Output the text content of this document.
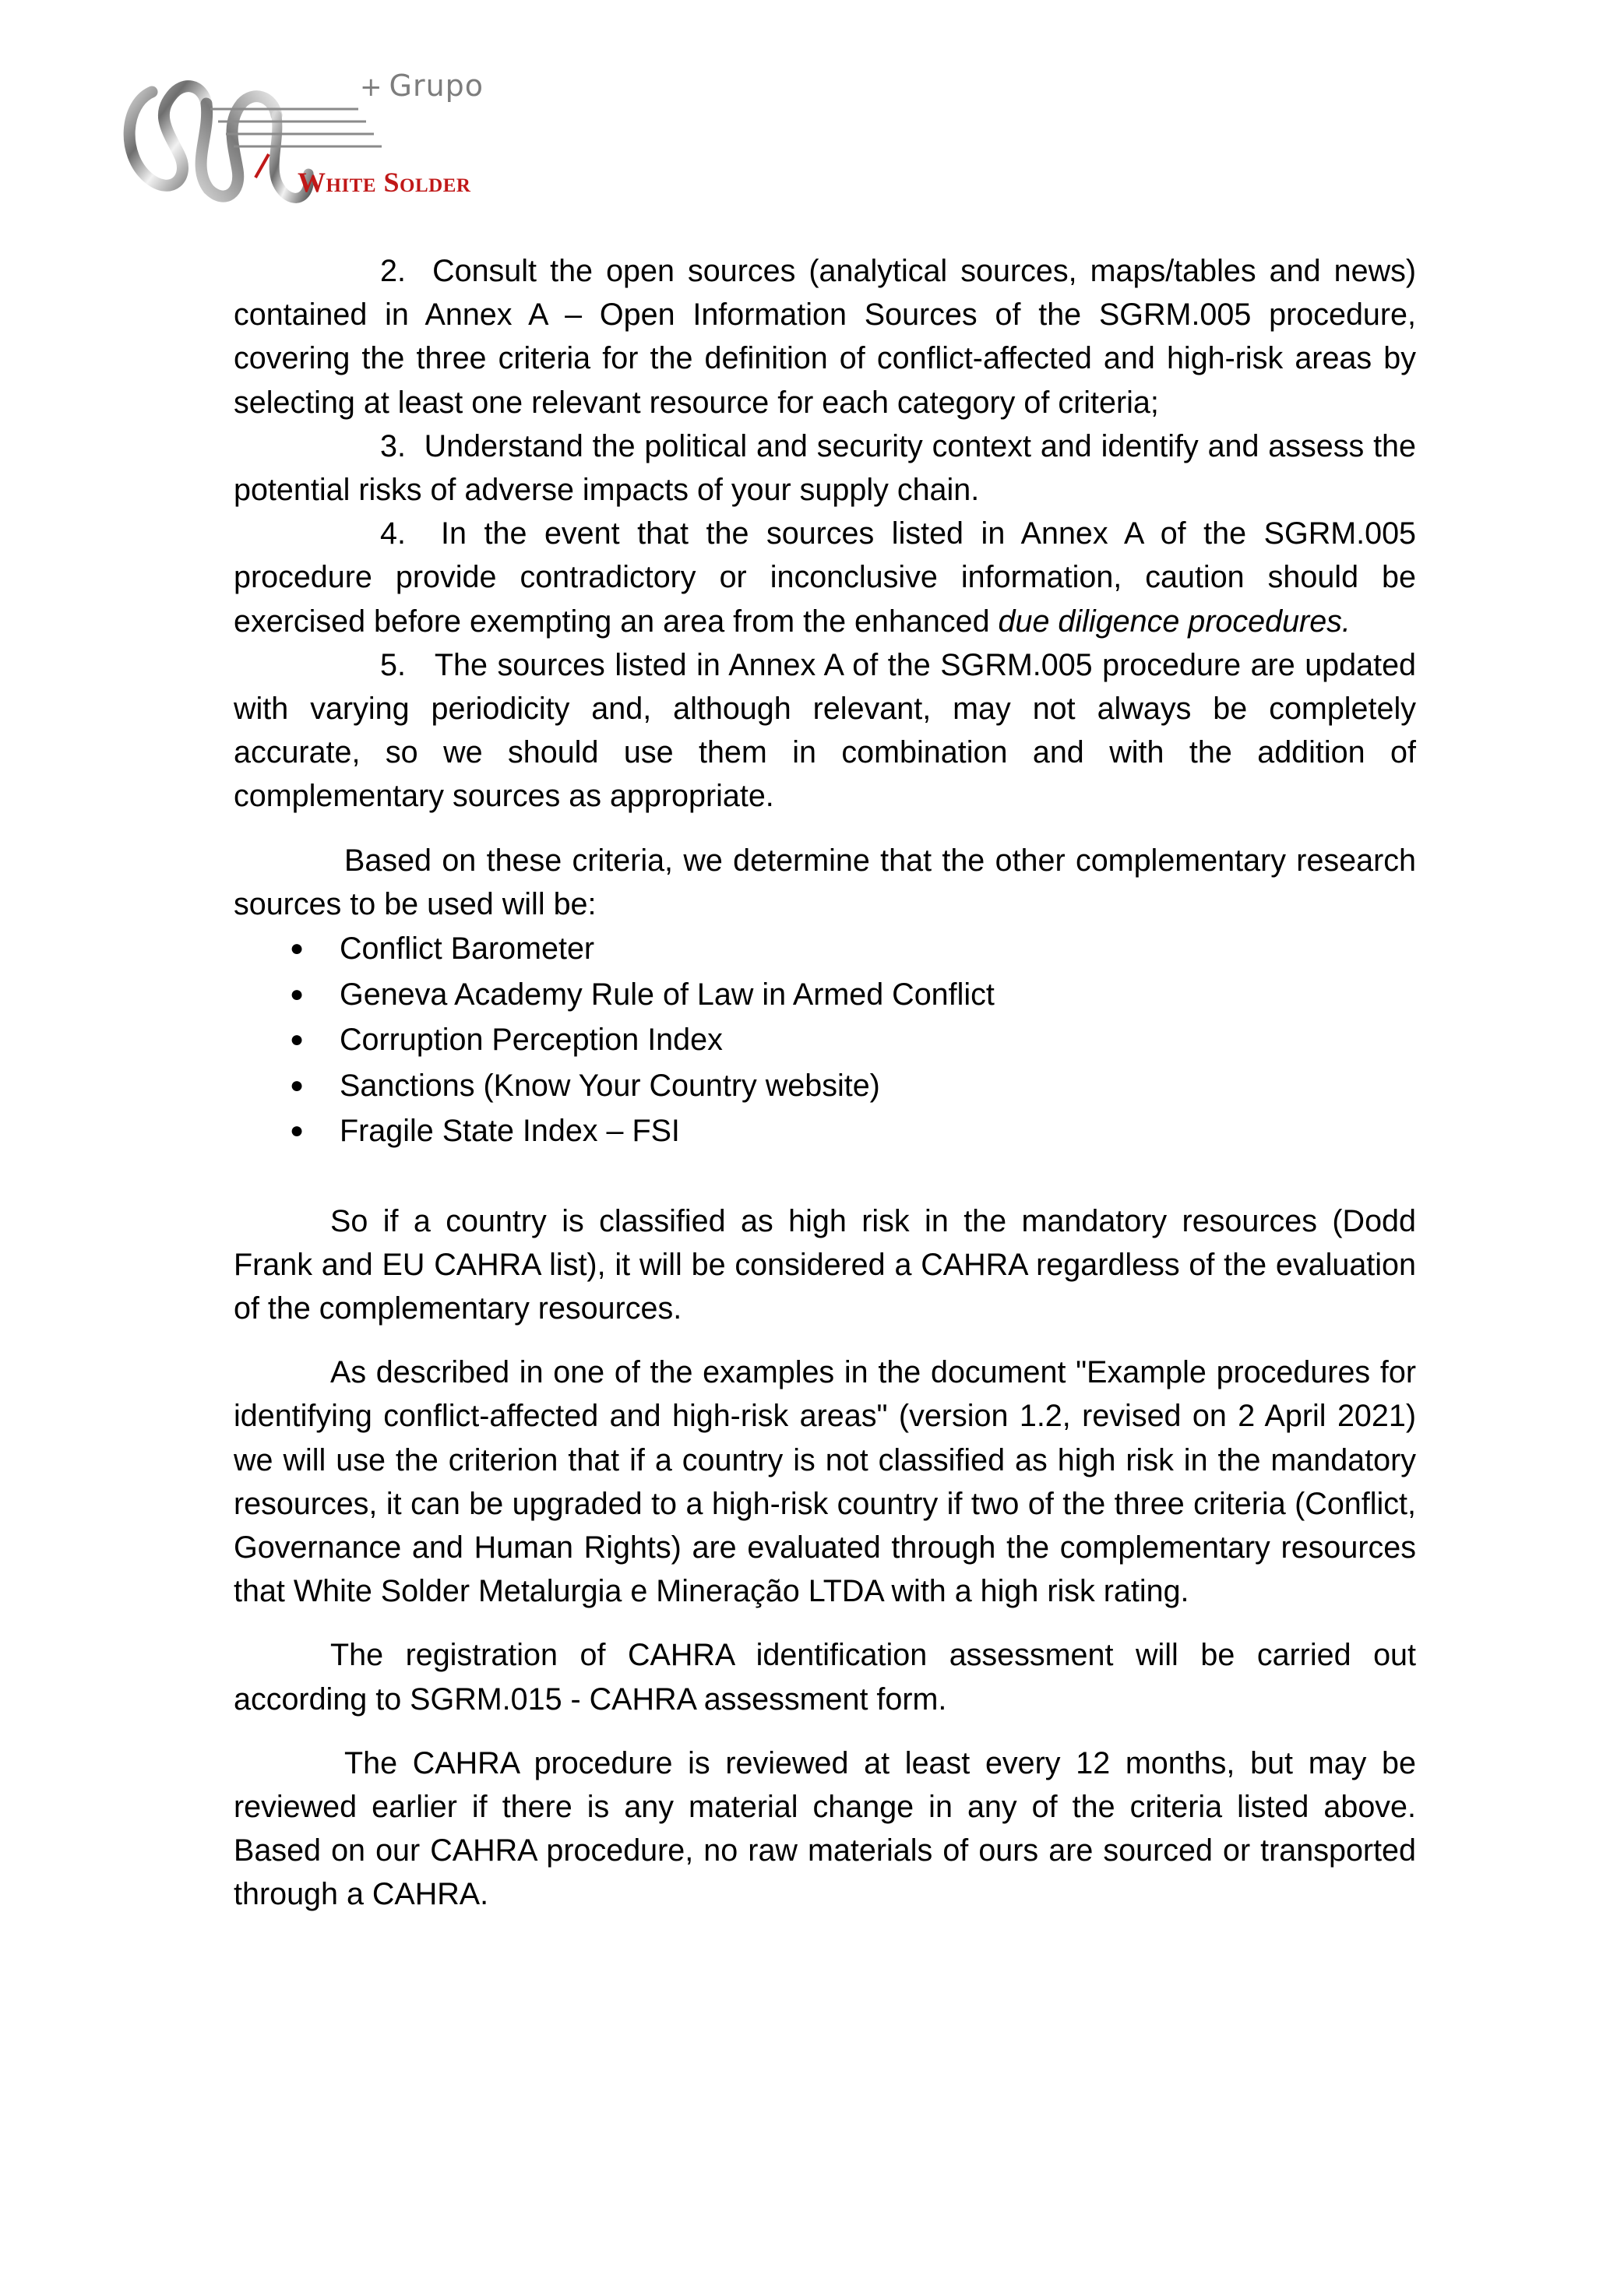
+ Grupo
White Solder

2. Consult the open sources (analytical sources, maps/tables and news) contained in Annex A – Open Information Sources of the SGRM.005 procedure, covering the three criteria for the definition of conflict-affected and high-risk areas by selecting at least one relevant resource for each category of criteria;

3. Understand the political and security context and identify and assess the potential risks of adverse impacts of your supply chain.

4. In the event that the sources listed in Annex A of the SGRM.005 procedure provide contradictory or inconclusive information, caution should be exercised before exempting an area from the enhanced due diligence procedures.

5. The sources listed in Annex A of the SGRM.005 procedure are updated with varying periodicity and, although relevant, may not always be completely accurate, so we should use them in combination and with the addition of complementary sources as appropriate.

Based on these criteria, we determine that the other complementary research sources to be used will be:

● Conflict Barometer
● Geneva Academy Rule of Law in Armed Conflict
● Corruption Perception Index
● Sanctions (Know Your Country website)
● Fragile State Index – FSI

So if a country is classified as high risk in the mandatory resources (Dodd Frank and EU CAHRA list), it will be considered a CAHRA regardless of the evaluation of the complementary resources.

As described in one of the examples in the document "Example procedures for identifying conflict-affected and high-risk areas" (version 1.2, revised on 2 April 2021) we will use the criterion that if a country is not classified as high risk in the mandatory resources, it can be upgraded to a high-risk country if two of the three criteria (Conflict, Governance and Human Rights) are evaluated through the complementary resources that White Solder Metalurgia e Mineração LTDA with a high risk rating.

The registration of CAHRA identification assessment will be carried out according to SGRM.015 - CAHRA assessment form.

The CAHRA procedure is reviewed at least every 12 months, but may be reviewed earlier if there is any material change in any of the criteria listed above. Based on our CAHRA procedure, no raw materials of ours are sourced or transported through a CAHRA.
